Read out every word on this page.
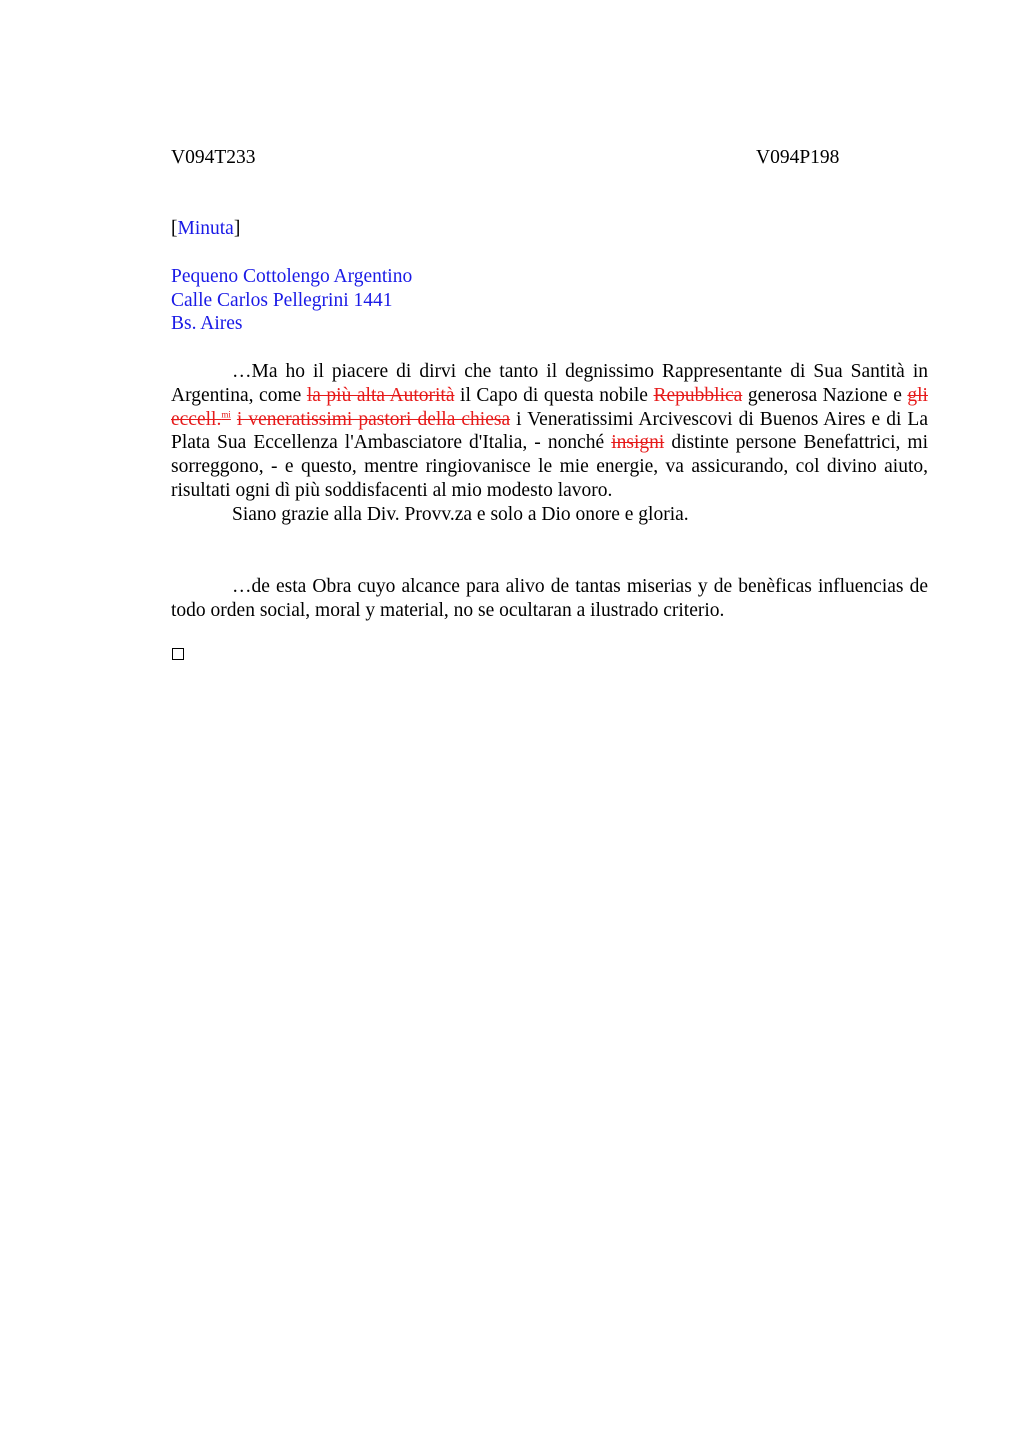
V094T233	V094P198
[Minuta]
Pequeno Cottolengo Argentino
Calle Carlos Pellegrini 1441
Bs. Aires

…Ma ho il piacere di dirvi che tanto il degnissimo Rappresentante di Sua Santità in Argentina, come la più alta Autorità il Capo di questa nobile Repubblica generosa Nazione e gli eccell.$^{mi}$ i veneratissimi pastori della chiesa i Veneratissimi Arcivescovi di Buenos Aires e di La Plata Sua Eccellenza l'Ambasciatore d'Italia, - nonché insigni distinte persone Benefattrici, mi sorreggono, - e questo, mentre ringiovanisce le mie energie, va assicurando, col divino aiuto, risultati ogni dì più soddisfacenti al mio modesto lavoro.

Siano grazie alla Div. Provv.za e solo a Dio onore e gloria.

…de esta Obra cuyo alcance para alivo de tantas miserias y de benèficas influencias de todo orden social, moral y material, no se ocultaran a ilustrado criterio.
